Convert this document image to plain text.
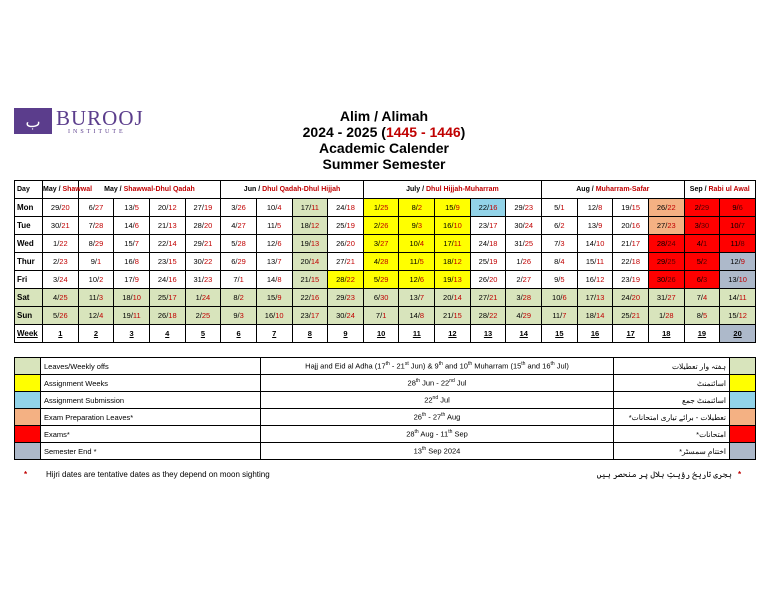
ب BUROOJ
INSTITUTE
Alim / Alimah
2024 - 2025 (1445 - 1446)
Academic Calender
Summer Semester
Day	May / Shawwal	May / Shawwal-Dhul Qadah				Jun / Dhul Qadah-Dhul Hijjah				July / Dhul Hijjah-Muharram					Aug / Muharram-Safar				Sep / Rabi ul Awal	
Mon	29/20	6/27	13/5	20/12	27/19	3/26	10/4	17/11	24/18	1/25	8/2	15/9	22/16	29/23	5/1	12/8	19/15	26/22	2/29	9/6
Tue	30/21	7/28	14/6	21/13	28/20	4/27	11/5	18/12	25/19	2/26	9/3	16/10	23/17	30/24	6/2	13/9	20/16	27/23	3/30	10/7
Wed	1/22	8/29	15/7	22/14	29/21	5/28	12/6	19/13	26/20	3/27	10/4	17/11	24/18	31/25	7/3	14/10	21/17	28/24	4/1	11/8
Thur	2/23	9/1	16/8	23/15	30/22	6/29	13/7	20/14	27/21	4/28	11/5	18/12	25/19	1/26	8/4	15/11	22/18	29/25	5/2	12/9
Fri	3/24	10/2	17/9	24/16	31/23	7/1	14/8	21/15	28/22	5/29	12/6	19/13	26/20	2/27	9/5	16/12	23/19	30/26	6/3	13/10
Sat	4/25	11/3	18/10	25/17	1/24	8/2	15/9	22/16	29/23	6/30	13/7	20/14	27/21	3/28	10/6	17/13	24/20	31/27	7/4	14/11
Sun	5/26	12/4	19/11	26/18	2/25	9/3	16/10	23/17	30/24	7/1	14/8	21/15	28/22	4/29	11/7	18/14	25/21	1/28	8/5	15/12
Week	1	2	3	4	5	6	7	8	9	10	11	12	13	14	15	16	17	18	19	20
	Leaves/Weekly offs	Hajj and Eid al Adha (17th - 21st Jun) & 9th and 10th Muharram (15th and 16th Jul)	ہفتہ وار تعطیلات	
	Assignment Weeks	28th Jun - 22nd Jul	اسائنمنٹ	
	Assignment Submission	22nd Jul	اسائنمنٹ جمع	
	Exam Preparation Leaves*	26th - 27th Aug	تعطیلات - برائے تیاری امتحانات*	
	Exams*	28th Aug - 11th Sep	امتحانات*	
	Semester End *	13th Sep 2024	اختتامِ سمسٹر*	
* Hijri dates are tentative dates as they depend on moon sighting	ہجری تاریخ رؤیتِ ہلال پر منحصر ہیں *
